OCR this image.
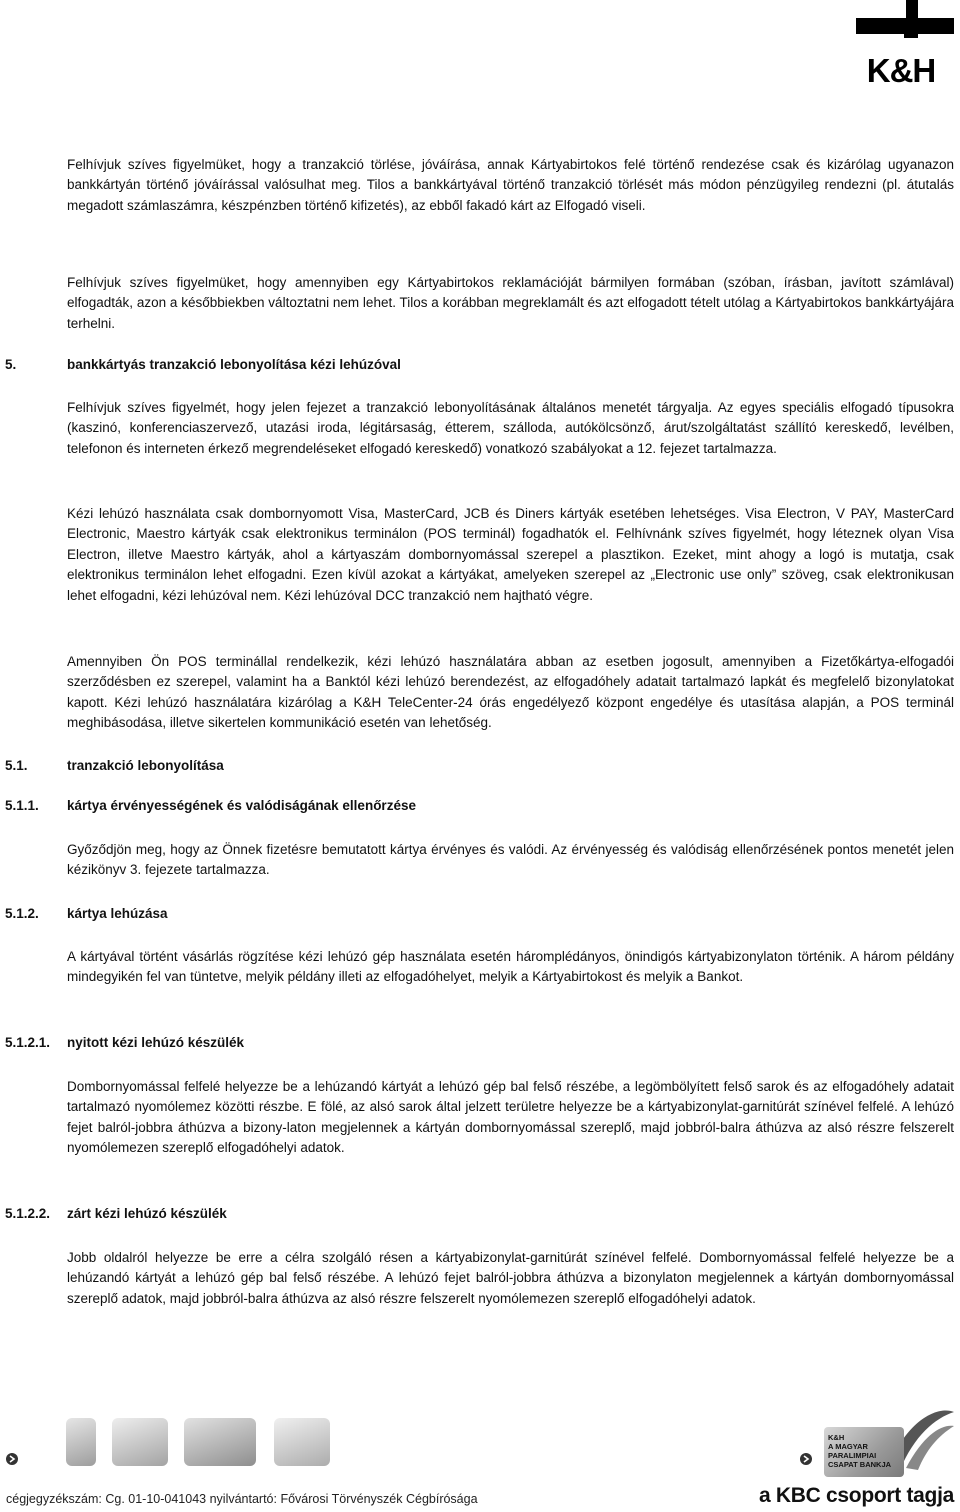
K&H

Felhívjuk szíves figyelmüket, hogy a tranzakció törlése, jóváírása, annak Kártyabirtokos felé történő rendezése csak és kizárólag ugyanazon bankkártyán történő jóváírással valósulhat meg. Tilos a bankkártyával történő tranzakció törlését más módon pénzügyileg rendezni (pl. átutalás megadott számlaszámra, készpénzben történő kifizetés), az ebből fakadó kárt az Elfogadó viseli.

Felhívjuk szíves figyelmüket, hogy amennyiben egy Kártyabirtokos reklamációját bármilyen formában (szóban, írásban, javított számlával) elfogadták, azon a későbbiekben változtatni nem lehet. Tilos a korábban megreklamált és azt elfogadott tételt utólag a Kártyabirtokos bankkártyájára terhelni.

5.	bankkártyás tranzakció lebonyolítása kézi lehúzóval

Felhívjuk szíves figyelmét, hogy jelen fejezet a tranzakció lebonyolításának általános menetét tárgyalja. Az egyes speciális elfogadó típusokra (kaszinó, konferenciaszervező, utazási iroda, légitársaság, étterem, szálloda, autókölcsönző, árut/szolgáltatást szállító kereskedő, levélben, telefonon és interneten érkező megrendeléseket elfogadó kereskedő) vonatkozó szabályokat a 12. fejezet tartalmazza.

Kézi lehúzó használata csak dombornyomott Visa, MasterCard, JCB és Diners kártyák esetében lehetséges. Visa Electron, V PAY, MasterCard Electronic, Maestro kártyák csak elektronikus terminálon (POS terminál) fogadhatók el. Felhívnánk szíves figyelmét, hogy léteznek olyan Visa Electron, illetve Maestro kártyák, ahol a kártyaszám dombornyomással szerepel a plasztikon. Ezeket, mint ahogy a logó is mutatja, csak elektronikus terminálon lehet elfogadni. Ezen kívül azokat a kártyákat, amelyeken szerepel az „Electronic use only” szöveg, csak elektronikusan lehet elfogadni, kézi lehúzóval nem. Kézi lehúzóval DCC tranzakció nem hajtható végre.

Amennyiben Ön POS terminállal rendelkezik, kézi lehúzó használatára abban az esetben jogosult, amennyiben a Fizetőkártya-elfogadói szerződésben ez szerepel, valamint ha a Banktól kézi lehúzó berendezést, az elfogadóhely adatait tartalmazó lapkát és megfelelő bizonylatokat kapott. Kézi lehúzó használatára kizárólag a K&H TeleCenter-24 órás engedélyező központ engedélye és utasítása alapján, a POS terminál meghibásodása, illetve sikertelen kommunikáció esetén van lehetőség.

5.1.	tranzakció lebonyolítása
5.1.1. kártya érvényességének és valódiságának ellenőrzése

Győződjön meg, hogy az Önnek fizetésre bemutatott kártya érvényes és valódi. Az érvényesség és valódiság ellenőrzésének pontos menetét jelen kézikönyv 3. fejezete tartalmazza.

5.1.2. kártya lehúzása

A kártyával történt vásárlás rögzítése kézi lehúzó gép használata esetén háromplédányos, önindigós kártyabizonylaton történik. A három példány mindegyikén fel van tüntetve, melyik példány illeti az elfogadóhelyet, melyik a Kártyabirtokost és melyik a Bankot.

5.1.2.1. nyitott kézi lehúzó készülék

Dombornyomással felfelé helyezze be a lehúzandó kártyát a lehúzó gép bal felső részébe, a legömbölyített felső sarok és az elfogadóhely adatait tartalmazó nyomólemez közötti részbe. E fölé, az alsó sarok által jelzett területre helyezze be a kártyabizonylat-garnitúrát színével felfelé. A lehúzó fejet balról-jobbra áthúzva a bizony-laton megjelennek a kártyán dombornyomással szereplő, majd jobbról-balra áthúzva az alsó részre felszerelt nyomólemezen szereplő elfogadóhelyi adatok.

5.1.2.2. zárt kézi lehúzó készülék

Jobb oldalról helyezze be erre a célra szolgáló résen a kártyabizonylat-garnitúrát színével felfelé. Dombornyomással felfelé helyezze be a lehúzandó kártyát a lehúzó gép bal felső részébe. A lehúzó fejet balról-jobbra áthúzva a bizonylaton megjelennek a kártyán dombornyomással szereplő adatok, majd jobbról-balra áthúzva az alsó részre felszerelt nyomólemezen szereplő elfogadóhelyi adatok.

K&H
A MAGYAR
PARALIMPIAI
CSAPAT BANKJA
cégjegyzékszám: Cg. 01-10-041043 nyilvántartó: Fővárosi Törvényszék Cégbírósága	a KBC csoport tagja
